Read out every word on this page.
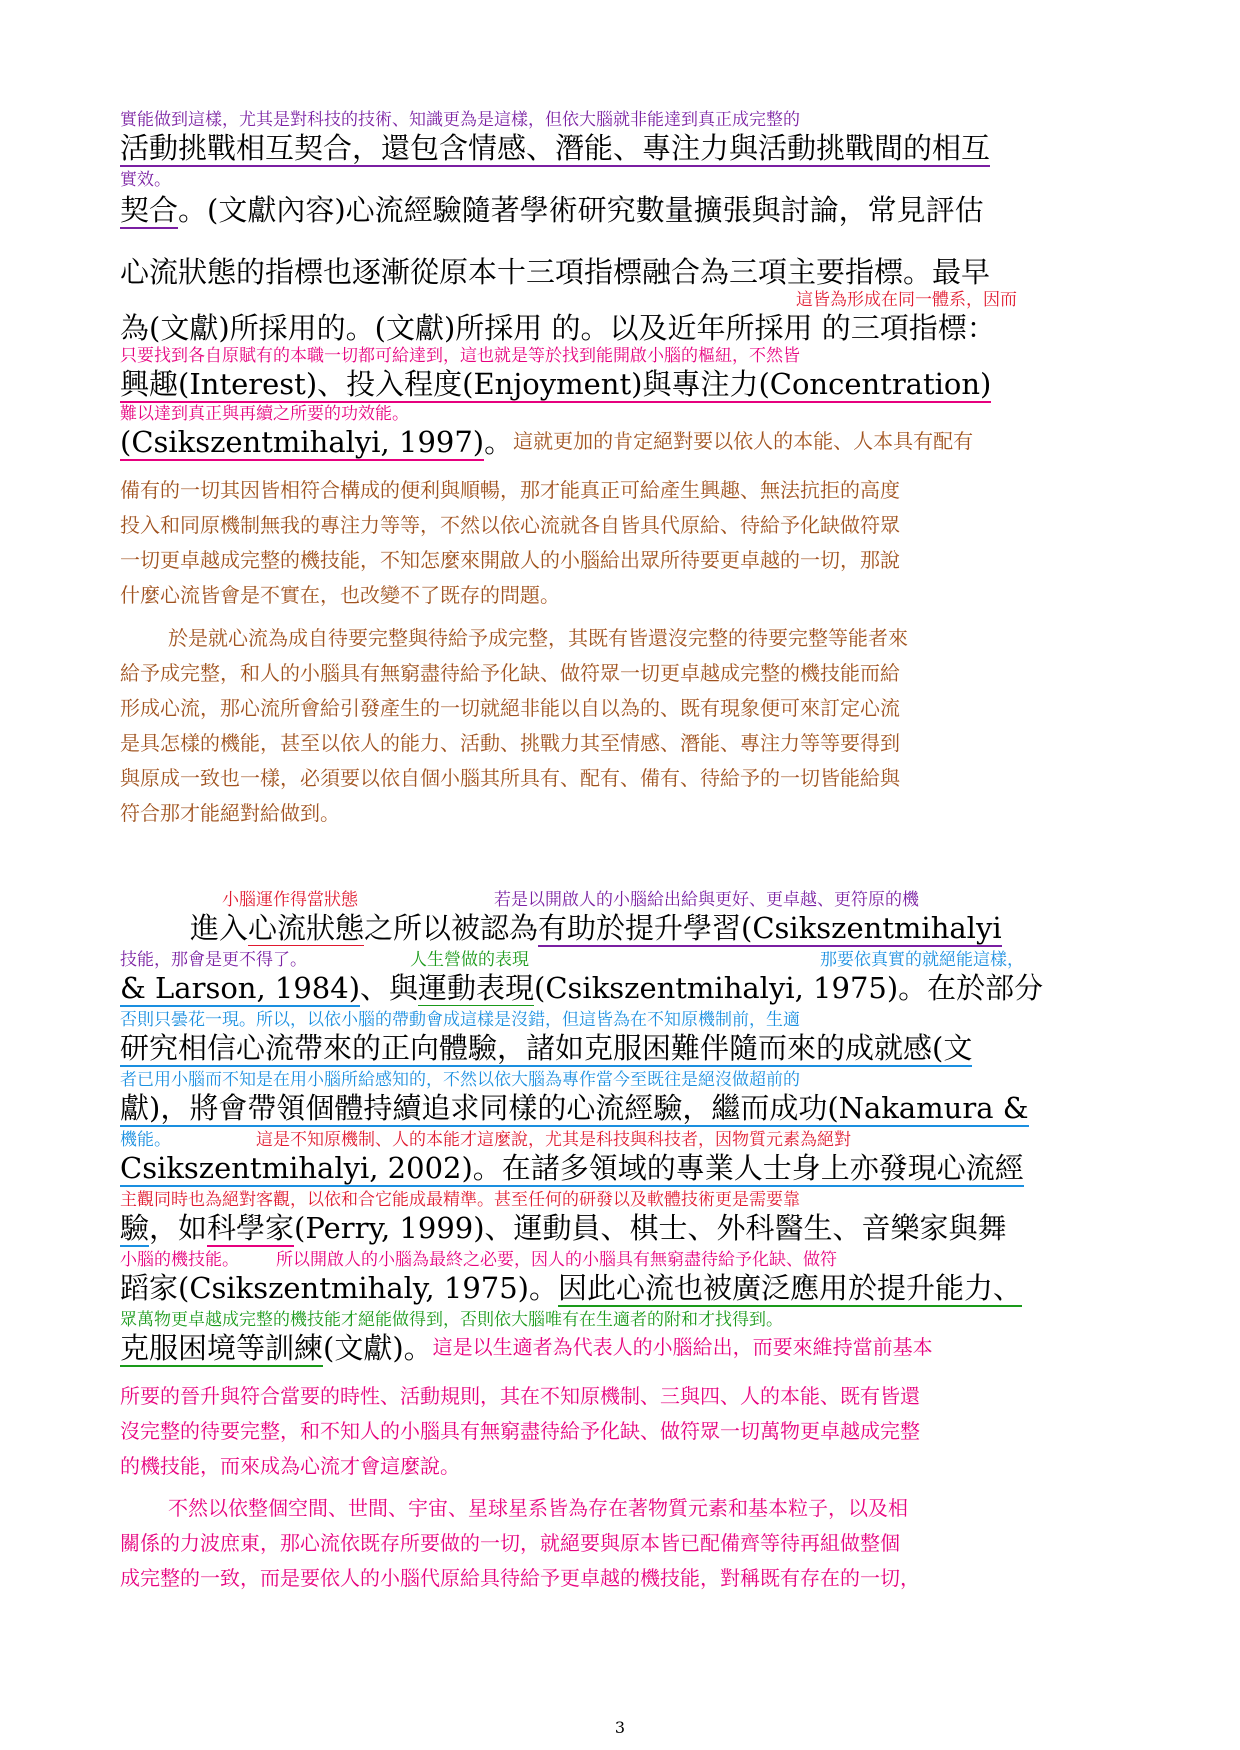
實能做到這樣，尤其是對科技的技術、知識更為是這樣，但依大腦就非能達到真正成完整的

活動挑戰相互契合，還包含情感、潛能、專注力與活動挑戰間的相互

實效。

契合。(文獻內容)心流經驗隨著學術研究數量擴張與討論，常見評估

心流狀態的指標也逐漸從原本十三項指標融合為三項主要指標。最早

這皆為形成在同一體系，因而

為(文獻)所採用的。(文獻)所採用 的。以及近年所採用 的三項指標：

只要找到各自原賦有的本職一切都可給達到，這也就是等於找到能開啟小腦的樞紐，不然皆

興趣(Interest)、投入程度(Enjoyment)與專注力(Concentration)

難以達到真正與再續之所要的功效能。

(Csikszentmihalyi, 1997)。這就更加的肯定絕對要以依人的本能、人本具有配有

備有的一切其因皆相符合構成的便利與順暢，那才能真正可給產生興趣、無法抗拒的高度

投入和同原機制無我的專注力等等，不然以依心流就各自皆具代原給、待給予化缺做符眾

一切更卓越成完整的機技能，不知怎麼來開啟人的小腦給出眾所待要更卓越的一切，那說

什麼心流皆會是不實在，也改變不了既存的問題。

於是就心流為成自待要完整與待給予成完整，其既有皆還沒完整的待要完整等能者來

給予成完整，和人的小腦具有無窮盡待給予化缺、做符眾一切更卓越成完整的機技能而給

形成心流，那心流所會給引發產生的一切就絕非能以自以為的、既有現象便可來訂定心流

是具怎樣的機能，甚至以依人的能力、活動、挑戰力其至情感、潛能、專注力等等要得到

與原成一致也一樣，必須要以依自個小腦其所具有、配有、備有、待給予的一切皆能給與

符合那才能絕對給做到。

小腦運作得當狀態	若是以開啟人的小腦給出給與更好、更卓越、更符原的機

進入心流狀態之所以被認為有助於提升學習(Csikszentmihalyi

技能，那會是更不得了。	人生營做的表現	那要依真實的就絕能這樣，

& Larson, 1984)、與運動表現(Csikszentmihalyi, 1975)。在於部分

否則只曇花一現。所以，以依小腦的帶動會成這樣是沒錯，但這皆為在不知原機制前，生適

研究相信心流帶來的正向體驗，諸如克服困難伴隨而來的成就感(文

者已用小腦而不知是在用小腦所給感知的，不然以依大腦為專作當今至既往是絕沒做超前的

獻)，將會帶領個體持續追求同樣的心流經驗，繼而成功(Nakamura &

機能。	這是不知原機制、人的本能才這麼說，尤其是科技與科技者，因物質元素為絕對

Csikszentmihalyi, 2002)。在諸多領域的專業人士身上亦發現心流經

主觀同時也為絕對客觀，以依和合它能成最精準。甚至任何的研發以及軟體技術更是需要靠

驗，如科學家(Perry, 1999)、運動員、棋士、外科醫生、音樂家與舞

小腦的機技能。 所以開啟人的小腦為最終之必要，因人的小腦具有無窮盡待給予化缺、做符

蹈家(Csikszentmihaly, 1975)。因此心流也被廣泛應用於提升能力、

眾萬物更卓越成完整的機技能才絕能做得到，否則依大腦唯有在生適者的附和才找得到。

克服困境等訓練(文獻)。這是以生適者為代表人的小腦給出，而要來維持當前基本

所要的晉升與符合當要的時性、活動規則，其在不知原機制、三與四、人的本能、既有皆還

沒完整的待要完整，和不知人的小腦具有無窮盡待給予化缺、做符眾一切萬物更卓越成完整

的機技能，而來成為心流才會這麼說。

不然以依整個空間、世間、宇宙、星球星系皆為存在著物質元素和基本粒子，以及相

關係的力波庶東，那心流依既存所要做的一切，就絕要與原本皆已配備齊等待再組做整個

成完整的一致，而是要依人的小腦代原給具待給予更卓越的機技能，對稱既有存在的一切，

3
